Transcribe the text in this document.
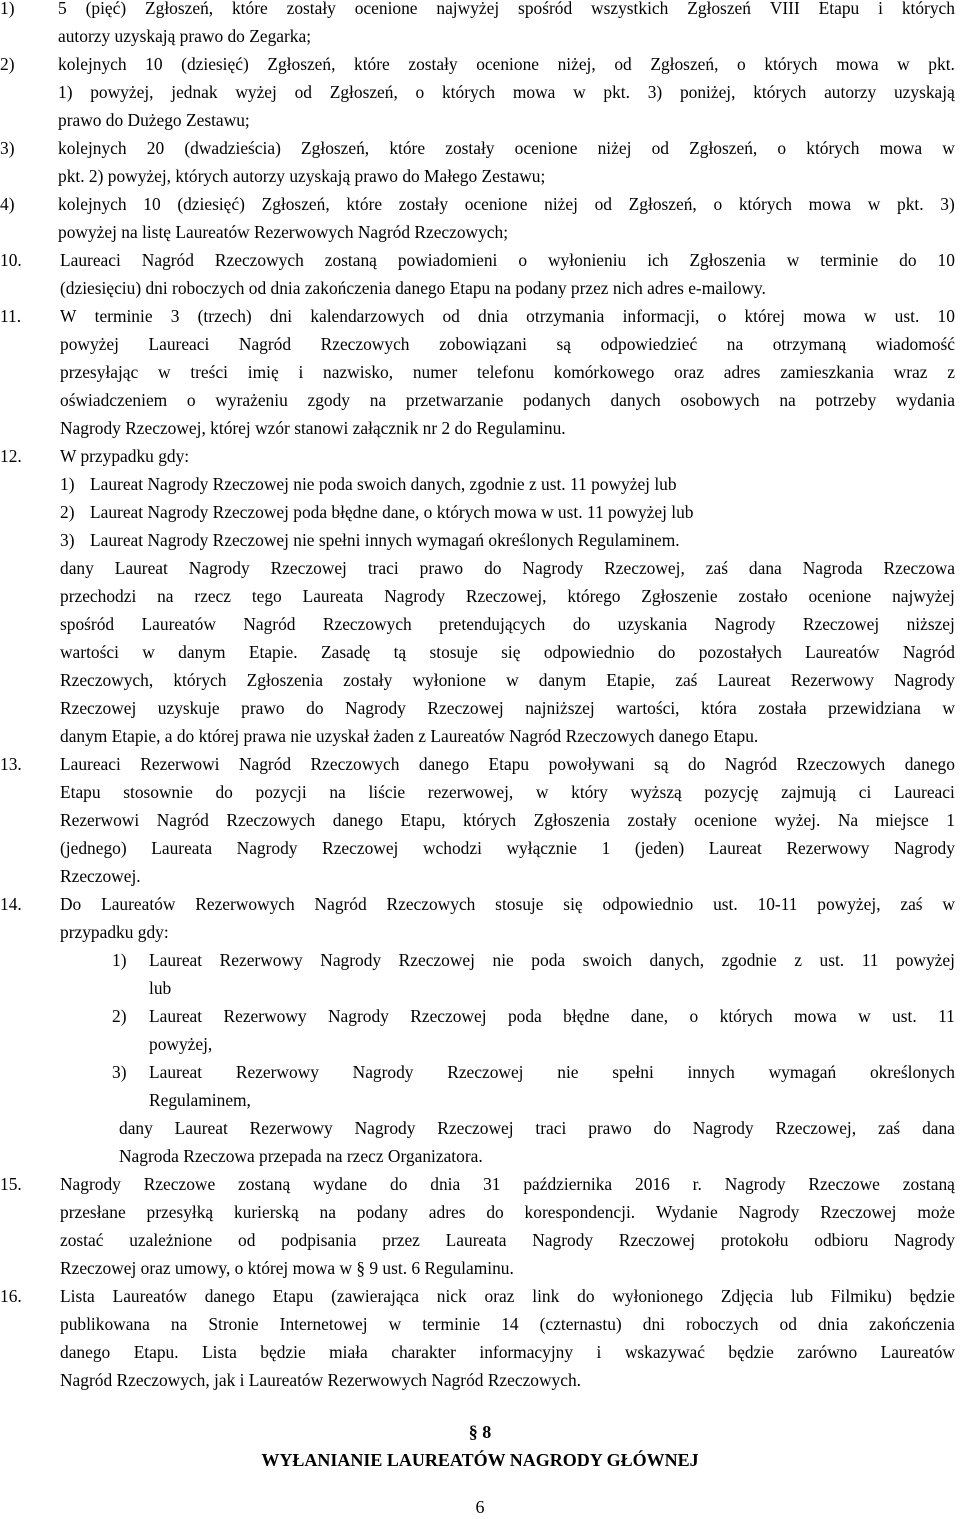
1)	5 (pięć) Zgłoszeń, które zostały ocenione najwyżej spośród wszystkich Zgłoszeń VIII Etapu i których
autorzy uzyskają prawo do Zegarka;
2)	kolejnych 10 (dziesięć) Zgłoszeń, które zostały ocenione niżej, od Zgłoszeń, o których mowa w pkt.
1) powyżej, jednak wyżej od Zgłoszeń, o których mowa w pkt. 3) poniżej, których autorzy uzyskają
prawo do Dużego Zestawu;
3)	kolejnych 20 (dwadzieścia) Zgłoszeń, które zostały ocenione niżej od Zgłoszeń, o których mowa w
pkt. 2) powyżej, których autorzy uzyskają prawo do Małego Zestawu;
4)	kolejnych 10 (dziesięć) Zgłoszeń, które zostały ocenione niżej od Zgłoszeń, o których mowa w pkt. 3)
powyżej na listę Laureatów Rezerwowych Nagród Rzeczowych;
10. Laureaci Nagród Rzeczowych zostaną powiadomieni o wyłonieniu ich Zgłoszenia w terminie do 10
(dziesięciu) dni roboczych od dnia zakończenia danego Etapu na podany przez nich adres e-mailowy.
11. W terminie 3 (trzech) dni kalendarzowych od dnia otrzymania informacji, o której mowa w ust. 10
powyżej Laureaci Nagród Rzeczowych zobowiązani są odpowiedzieć na otrzymaną wiadomość
przesyłając w treści imię i nazwisko, numer telefonu komórkowego oraz adres zamieszkania wraz z
oświadczeniem o wyrażeniu zgody na przetwarzanie podanych danych osobowych na potrzeby wydania
Nagrody Rzeczowej, której wzór stanowi załącznik nr 2 do Regulaminu.
12. W przypadku gdy:
1) Laureat Nagrody Rzeczowej nie poda swoich danych, zgodnie z ust. 11 powyżej lub
2) Laureat Nagrody Rzeczowej poda błędne dane, o których mowa w ust. 11 powyżej lub
3) Laureat Nagrody Rzeczowej nie spełni innych wymagań określonych Regulaminem.
dany Laureat Nagrody Rzeczowej traci prawo do Nagrody Rzeczowej, zaś dana Nagroda Rzeczowa
przechodzi na rzecz tego Laureata Nagrody Rzeczowej, którego Zgłoszenie zostało ocenione najwyżej
spośród Laureatów Nagród Rzeczowych pretendujących do uzyskania Nagrody Rzeczowej niższej
wartości w danym Etapie. Zasadę tą stosuje się odpowiednio do pozostałych Laureatów Nagród
Rzeczowych, których Zgłoszenia zostały wyłonione w danym Etapie, zaś Laureat Rezerwowy Nagrody
Rzeczowej uzyskuje prawo do Nagrody Rzeczowej najniższej wartości, która została przewidziana w
danym Etapie, a do której prawa nie uzyskał żaden z Laureatów Nagród Rzeczowych danego Etapu.
13. Laureaci Rezerwowi Nagród Rzeczowych danego Etapu powoływani są do Nagród Rzeczowych danego
Etapu stosownie do pozycji na liście rezerwowej, w który wyższą pozycję zajmują ci Laureaci
Rezerwowi Nagród Rzeczowych danego Etapu, których Zgłoszenia zostały ocenione wyżej. Na miejsce 1
(jednego) Laureata Nagrody Rzeczowej wchodzi wyłącznie 1 (jeden) Laureat Rezerwowy Nagrody
Rzeczowej.
14. Do Laureatów Rezerwowych Nagród Rzeczowych stosuje się odpowiednio ust. 10-11 powyżej, zaś w
przypadku gdy:
1) Laureat Rezerwowy Nagrody Rzeczowej nie poda swoich danych, zgodnie z ust. 11 powyżej
lub
2) Laureat Rezerwowy Nagrody Rzeczowej poda błędne dane, o których mowa w ust. 11
powyżej,
3) Laureat Rezerwowy Nagrody Rzeczowej nie spełni innych wymagań określonych
Regulaminem,
dany Laureat Rezerwowy Nagrody Rzeczowej traci prawo do Nagrody Rzeczowej, zaś dana
Nagroda Rzeczowa przepada na rzecz Organizatora.
15. Nagrody Rzeczowe zostaną wydane do dnia 31 października 2016 r. Nagrody Rzeczowe zostaną
przesłane przesyłką kurierską na podany adres do korespondencji. Wydanie Nagrody Rzeczowej może
zostać uzależnione od podpisania przez Laureata Nagrody Rzeczowej protokołu odbioru Nagrody
Rzeczowej oraz umowy, o której mowa w § 9 ust. 6 Regulaminu.
16. Lista Laureatów danego Etapu (zawierająca nick oraz link do wyłonionego Zdjęcia lub Filmiku) będzie
publikowana na Stronie Internetowej w terminie 14 (czternastu) dni roboczych od dnia zakończenia
danego Etapu. Lista będzie miała charakter informacyjny i wskazywać będzie zarówno Laureatów
Nagród Rzeczowych, jak i Laureatów Rezerwowych Nagród Rzeczowych.
§ 8
WYŁANIANIE LAUREATÓW NAGRODY GŁÓWNEJ
6
